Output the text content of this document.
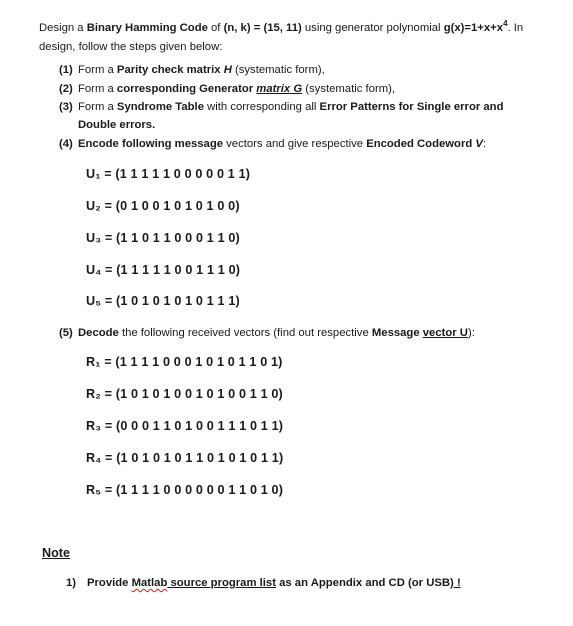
Design a Binary Hamming Code of (n, k) = (15, 11) using generator polynomial $g(x)=1+x+x^4$. In design, follow the steps given below:
(1) Form a Parity check matrix H (systematic form),
(2) Form a corresponding Generator matrix G (systematic form),
(3) Form a Syndrome Table with corresponding all Error Patterns for Single error and
Double errors.
(4) Encode following message vectors and give respective Encoded Codeword V:
U₁ = (1 1 1 1 1 0 0 0 0 0 1 1)
U₂ = (0 1 0 0 1 0 1 0 1 0 0)
U₃ = (1 1 0 1 1 0 0 0 1 1 0)
U₄ = (1 1 1 1 1 0 0 1 1 1 0)
U₅ = (1 0 1 0 1 0 1 0 1 1 1)
(5) Decode the following received vectors (find out respective Message vector U):
R₁ = (1 1 1 1 0 0 0 1 0 1 0 1 1 0 1)
R₂ = (1 0 1 0 1 0 0 1 0 1 0 0 1 1 0)
R₃ = (0 0 0 1 1 0 1 0 0 1 1 1 0 1 1)
R₄ = (1 0 1 0 1 0 1 1 0 1 0 1 0 1 1)
R₅ = (1 1 1 1 0 0 0 0 0 0 1 1 0 1 0)
Note
1) Provide Matlab source program list as an Appendix and CD (or USB) !
